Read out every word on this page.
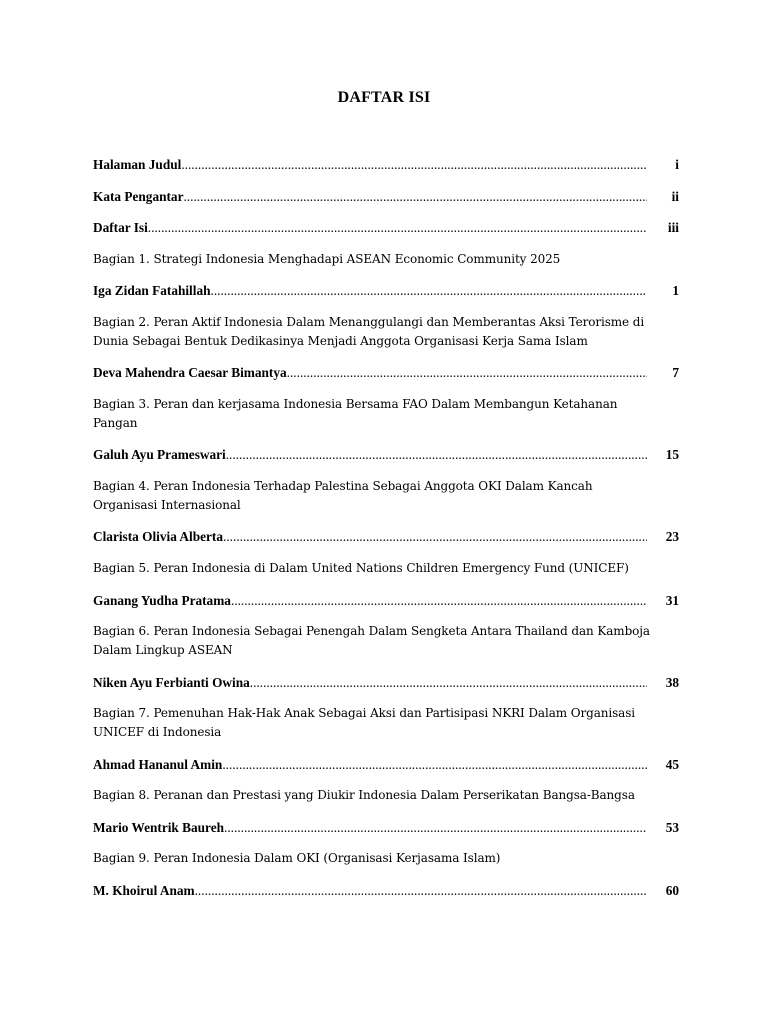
DAFTAR ISI
Halaman Judul .....	i
Kata Pengantar .....	ii
Daftar Isi .....	iii
Bagian 1. Strategi Indonesia Menghadapi ASEAN Economic Community 2025
Iga Zidan Fatahillah .....	1
Bagian 2. Peran Aktif Indonesia Dalam Menanggulangi dan Memberantas Aksi Terorisme di
Dunia Sebagai Bentuk Dedikasinya Menjadi Anggota Organisasi Kerja Sama Islam
Deva Mahendra Caesar Bimantya .....	7
Bagian 3. Peran dan kerjasama Indonesia Bersama FAO Dalam Membangun Ketahanan
Pangan
Galuh Ayu Prameswari .....	15
Bagian 4. Peran Indonesia Terhadap Palestina Sebagai Anggota OKI Dalam Kancah
Organisasi Internasional
Clarista Olivia Alberta .....	23
Bagian 5. Peran Indonesia di Dalam United Nations Children Emergency Fund (UNICEF)
Ganang Yudha Pratama .....	31
Bagian 6. Peran Indonesia Sebagai Penengah Dalam Sengketa Antara Thailand dan Kamboja
Dalam Lingkup ASEAN
Niken Ayu Ferbianti Owina .....	38
Bagian 7. Pemenuhan Hak-Hak Anak Sebagai Aksi dan Partisipasi NKRI Dalam Organisasi
UNICEF di Indonesia
Ahmad Hananul Amin .....	45
Bagian 8. Peranan dan Prestasi yang Diukir Indonesia Dalam Perserikatan Bangsa-Bangsa
Mario Wentrik Baureh .....	53
Bagian 9. Peran Indonesia Dalam OKI (Organisasi Kerjasama Islam)
M. Khoirul Anam .....	60
